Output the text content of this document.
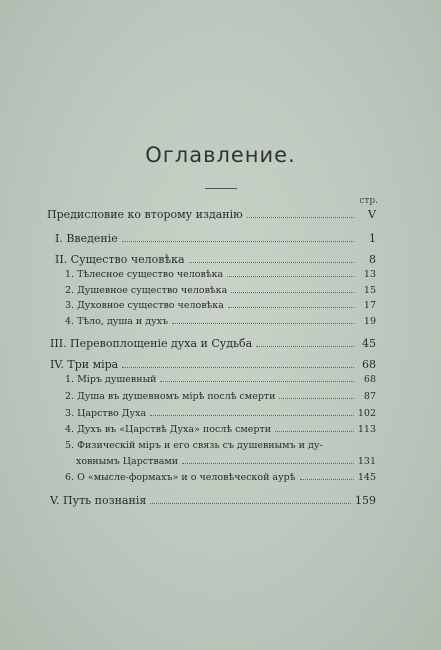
Оглавление.
стр.
Предисловие ко второму изданію	V
I. Введеніе	1
II. Существо человѣка	8
1. Тѣлесное существо человѣка	13
2. Душевное существо человѣка	15
3. Духовное существо человѣка	17
4. Тѣло, душа и духъ	19
III. Перевоплощеніе духа и Судьба	45
IV. Три міра	68
1. Міръ душевный	68
2. Душа въ душевномъ мірѣ послѣ смерти	87
3. Царство Духа	102
4. Духъ въ «Царствѣ Духа» послѣ смерти	113
5. Физическій міръ и его связь съ душевнымъ и ду-
ховнымъ Царствами	131
6. О «мысле-формахъ» и о человѣческой аурѣ	145
V. Путь познанія	159
